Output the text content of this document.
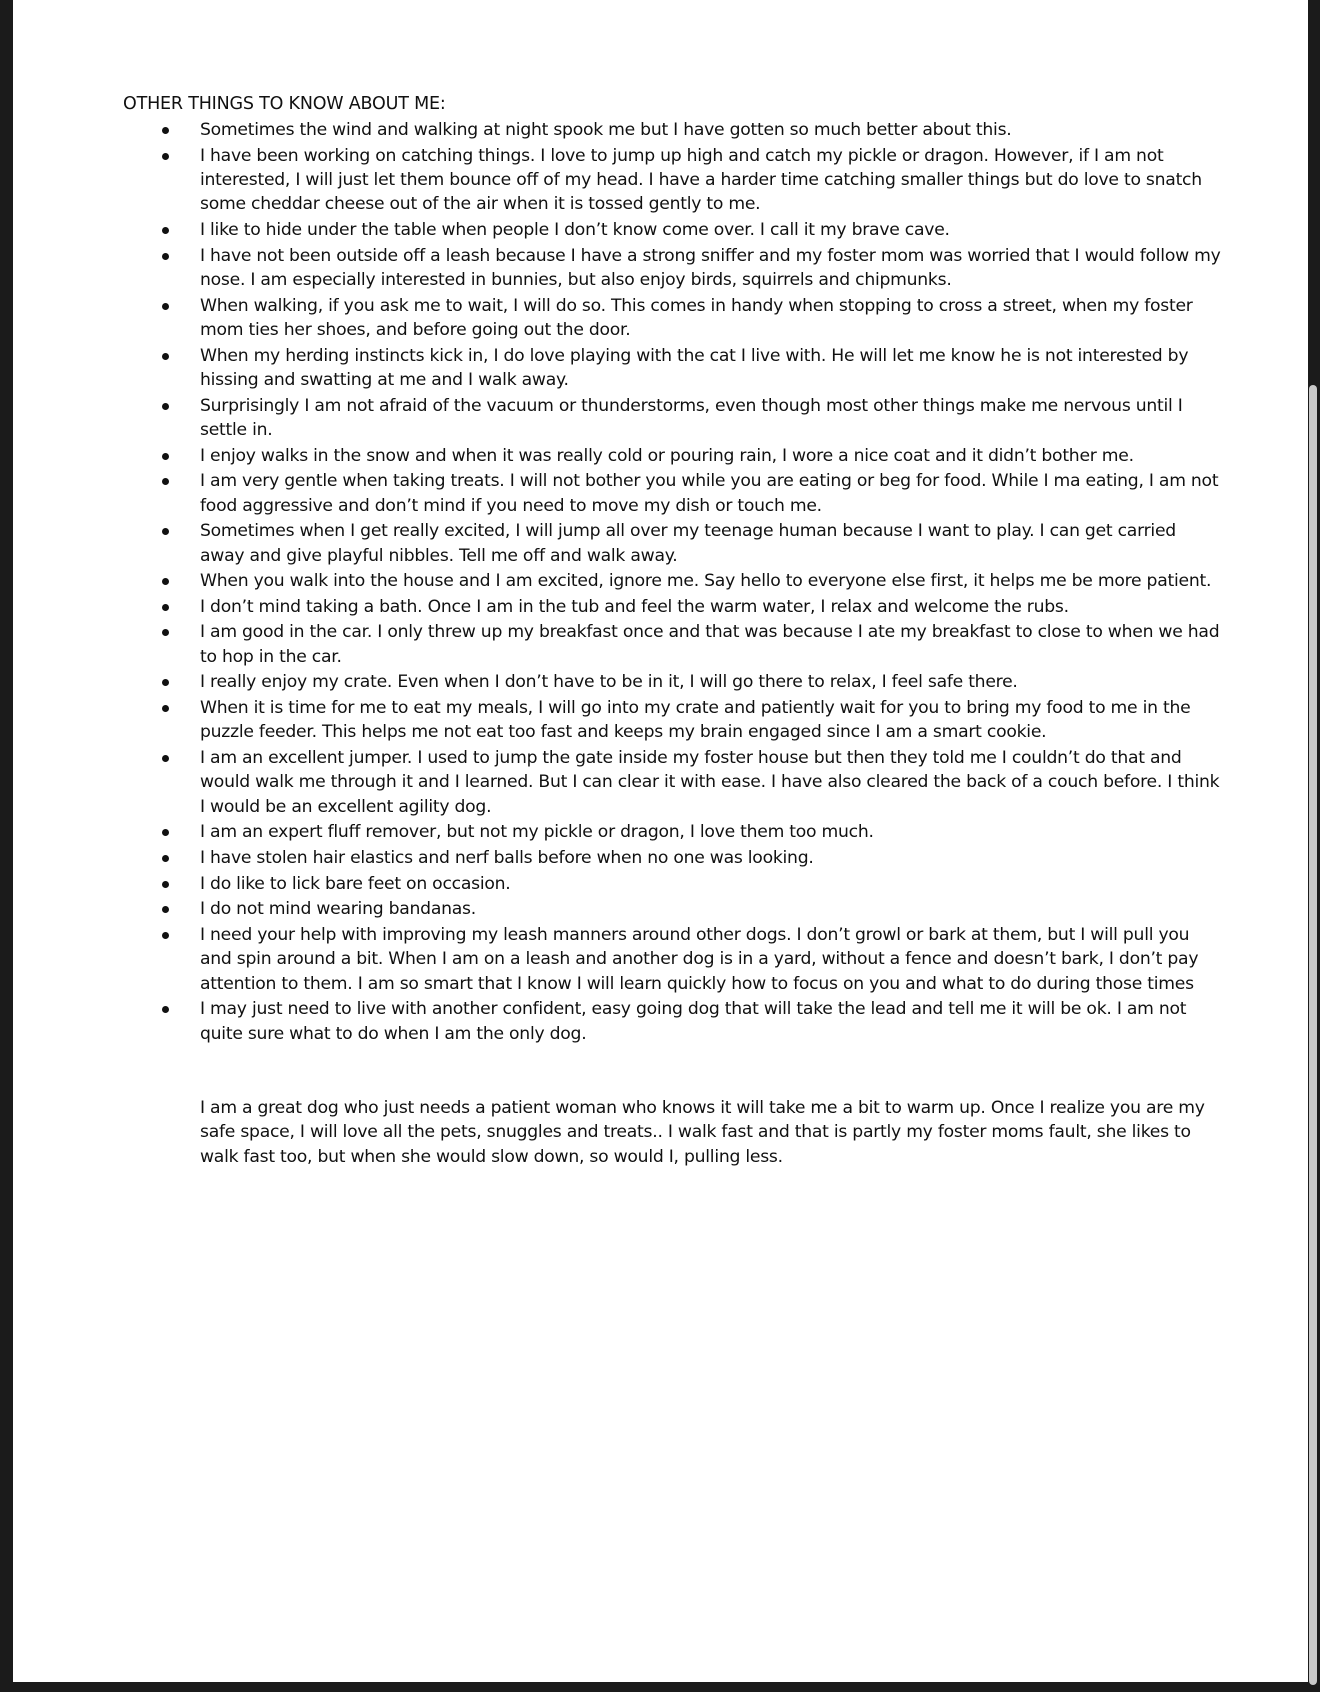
OTHER THINGS TO KNOW ABOUT ME:
Sometimes the wind and walking at night spook me but I have gotten so much better about this.
I have been working on catching things. I love to jump up high and catch my pickle or dragon. However, if I am not interested, I will just let them bounce off of my head. I have a harder time catching smaller things but do love to snatch some cheddar cheese out of the air when it is tossed gently to me.
I like to hide under the table when people I don’t know come over. I call it my brave cave.
I have not been outside off a leash because I have a strong sniffer and my foster mom was worried that I would follow my nose. I am especially interested in bunnies, but also enjoy birds, squirrels and chipmunks.
When walking, if you ask me to wait, I will do so. This comes in handy when stopping to cross a street, when my foster mom ties her shoes, and before going out the door.
When my herding instincts kick in, I do love playing with the cat I live with. He will let me know he is not interested by hissing and swatting at me and I walk away.
Surprisingly I am not afraid of the vacuum or thunderstorms, even though most other things make me nervous until I settle in.
I enjoy walks in the snow and when it was really cold or pouring rain, I wore a nice coat and it didn’t bother me.
I am very gentle when taking treats. I will not bother you while you are eating or beg for food. While I ma eating, I am not food aggressive and don’t mind if you need to move my dish or touch me.
Sometimes when I get really excited, I will jump all over my teenage human because I want to play. I can get carried away and give playful nibbles. Tell me off and walk away.
When you walk into the house and I am excited, ignore me. Say hello to everyone else first, it helps me be more patient.
I don’t mind taking a bath. Once I am in the tub and feel the warm water, I relax and welcome the rubs.
I am good in the car. I only threw up my breakfast once and that was because I ate my breakfast to close to when we had to hop in the car.
I really enjoy my crate. Even when I don’t have to be in it, I will go there to relax, I feel safe there.
When it is time for me to eat my meals, I will go into my crate and patiently wait for you to bring my food to me in the puzzle feeder. This helps me not eat too fast and keeps my brain engaged since I am a smart cookie.
I am an excellent jumper. I used to jump the gate inside my foster house but then they told me I couldn’t do that and would walk me through it and I learned. But I can clear it with ease. I have also cleared the back of a couch before. I think I would be an excellent agility dog.
I am an expert fluff remover, but not my pickle or dragon, I love them too much.
I have stolen hair elastics and nerf balls before when no one was looking.
I do like to lick bare feet on occasion.
I do not mind wearing bandanas.
I need your help with improving my leash manners around other dogs. I don’t growl or bark at them, but I will pull you and spin around a bit. When I am on a leash and another dog is in a yard, without a fence and doesn’t bark, I don’t pay attention to them. I am so smart that I know I will learn quickly how to focus on you and what to do during those times
I may just need to live with another confident, easy going dog that will take the lead and tell me it will be ok. I am not quite sure what to do when I am the only dog.

I am a great dog who just needs a patient woman who knows it will take me a bit to warm up. Once I realize you are my safe space, I will love all the pets, snuggles and treats.. I walk fast and that is partly my foster moms fault, she likes to walk fast too, but when she would slow down, so would I, pulling less.
